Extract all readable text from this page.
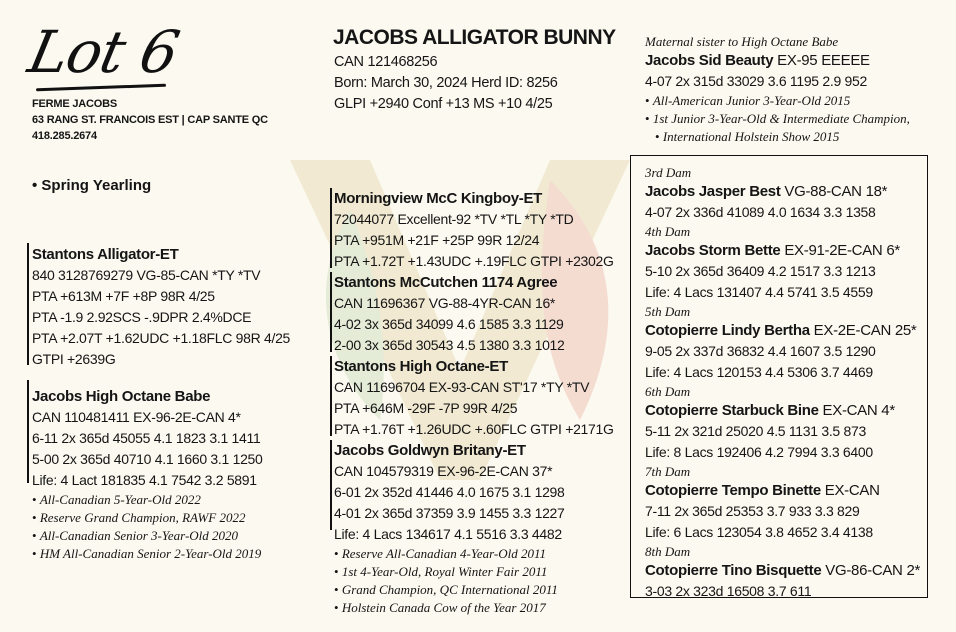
Lot 6
FERME JACOBS
63 RANG ST. FRANCOIS EST | CAP SANTE QC
418.285.2674
• Spring Yearling
JACOBS ALLIGATOR BUNNY
CAN 121468256
Born: March 30, 2024 Herd ID: 8256
GLPI +2940 Conf +13 MS +10 4/25
Stantons Alligator-ET
840 3128769279 VG-85-CAN *TY *TV
PTA +613M +7F +8P 98R 4/25
PTA -1.9 2.92SCS -.9DPR 2.4%DCE
PTA +2.07T +1.62UDC +1.18FLC 98R 4/25
GTPI +2639G
Jacobs High Octane Babe
CAN 110481411 EX-96-2E-CAN 4*
6-11 2x 365d 45055 4.1 1823 3.1 1411
5-00 2x 365d 40710 4.1 1660 3.1 1250
Life: 4 Lact 181835 4.1 7542 3.2 5891
• All-Canadian 5-Year-Old 2022
• Reserve Grand Champion, RAWF 2022
• All-Canadian Senior 3-Year-Old 2020
• HM All-Canadian Senior 2-Year-Old 2019
Morningview McC Kingboy-ET
72044077 Excellent-92 *TV *TL *TY *TD
PTA +951M +21F +25P 99R 12/24
PTA +1.72T +1.43UDC +.19FLC GTPI +2302G
Stantons McCutchen 1174 Agree
CAN 11696367 VG-88-4YR-CAN 16*
4-02 3x 365d 34099 4.6 1585 3.3 1129
2-00 3x 365d 30543 4.5 1380 3.3 1012
Stantons High Octane-ET
CAN 11696704 EX-93-CAN ST'17 *TY *TV
PTA +646M -29F -7P 99R 4/25
PTA +1.76T +1.26UDC +.60FLC GTPI +2171G
Jacobs Goldwyn Britany-ET
CAN 104579319 EX-96-2E-CAN 37*
6-01 2x 352d 41446 4.0 1675 3.1 1298
4-01 2x 365d 37359 3.9 1455 3.3 1227
Life: 4 Lacs 134617 4.1 5516 3.3 4482
• Reserve All-Canadian 4-Year-Old 2011
• 1st 4-Year-Old, Royal Winter Fair 2011
• Grand Champion, QC International 2011
• Holstein Canada Cow of the Year 2017
Maternal sister to High Octane Babe
Jacobs Sid Beauty EX-95 EEEEE
4-07 2x 315d 33029 3.6 1195 2.9 952
• All-American Junior 3-Year-Old 2015
• 1st Junior 3-Year-Old & Intermediate Champion,
• International Holstein Show 2015
3rd Dam
Jacobs Jasper Best VG-88-CAN 18*
4-07 2x 336d 41089 4.0 1634 3.3 1358
4th Dam
Jacobs Storm Bette EX-91-2E-CAN 6*
5-10 2x 365d 36409 4.2 1517 3.3 1213
Life: 4 Lacs 131407 4.4 5741 3.5 4559
5th Dam
Cotopierre Lindy Bertha EX-2E-CAN 25*
9-05 2x 337d 36832 4.4 1607 3.5 1290
Life: 4 Lacs 120153 4.4 5306 3.7 4469
6th Dam
Cotopierre Starbuck Bine EX-CAN 4*
5-11 2x 321d 25020 4.5 1131 3.5 873
Life: 8 Lacs 192406 4.2 7994 3.3 6400
7th Dam
Cotopierre Tempo Binette EX-CAN
7-11 2x 365d 25353 3.7 933 3.3 829
Life: 6 Lacs 123054 3.8 4652 3.4 4138
8th Dam
Cotopierre Tino Bisquette VG-86-CAN 2*
3-03 2x 323d 16508 3.7 611
